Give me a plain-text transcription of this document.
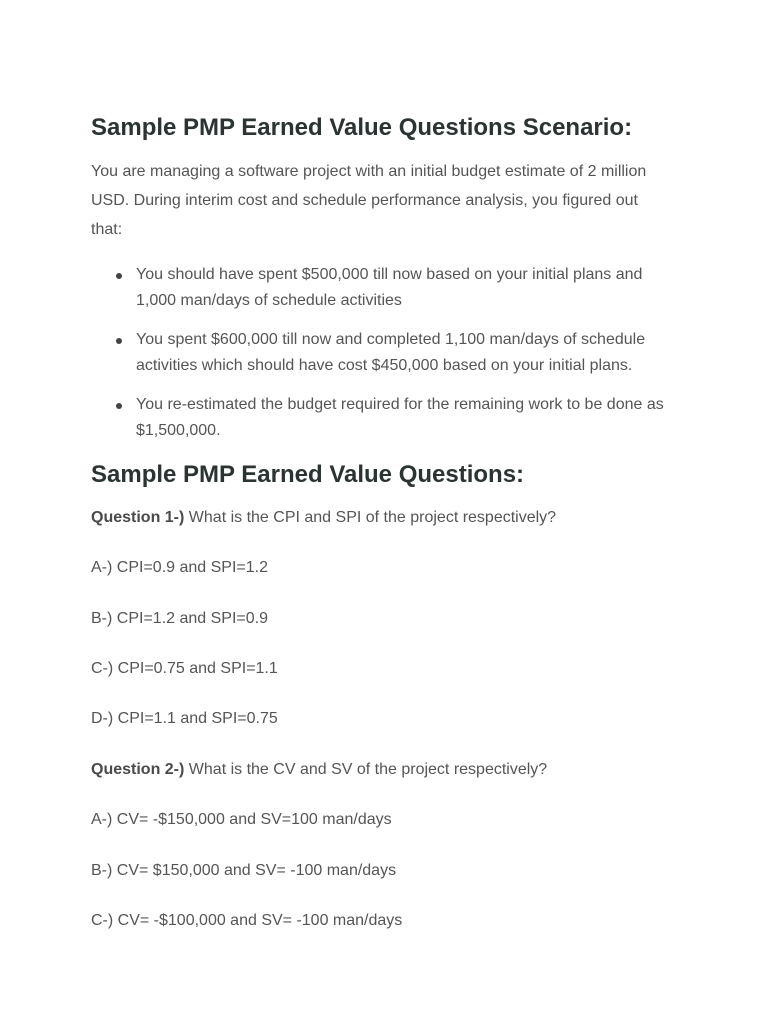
Sample PMP Earned Value Questions Scenario:

You are managing a software project with an initial budget estimate of 2 million USD. During interim cost and schedule performance analysis, you figured out that:

You should have spent $500,000 till now based on your initial plans and 1,000 man/days of schedule activities
You spent $600,000 till now and completed 1,100 man/days of schedule activities which should have cost $450,000 based on your initial plans.
You re-estimated the budget required for the remaining work to be done as $1,500,000.
Sample PMP Earned Value Questions:

Question 1-) What is the CPI and SPI of the project respectively?

A-) CPI=0.9 and SPI=1.2

B-) CPI=1.2 and SPI=0.9

C-) CPI=0.75 and SPI=1.1

D-) CPI=1.1 and SPI=0.75

Question 2-) What is the CV and SV of the project respectively?

A-) CV= -$150,000 and SV=100 man/days

B-) CV= $150,000 and SV= -100 man/days

C-) CV= -$100,000 and SV= -100 man/days
